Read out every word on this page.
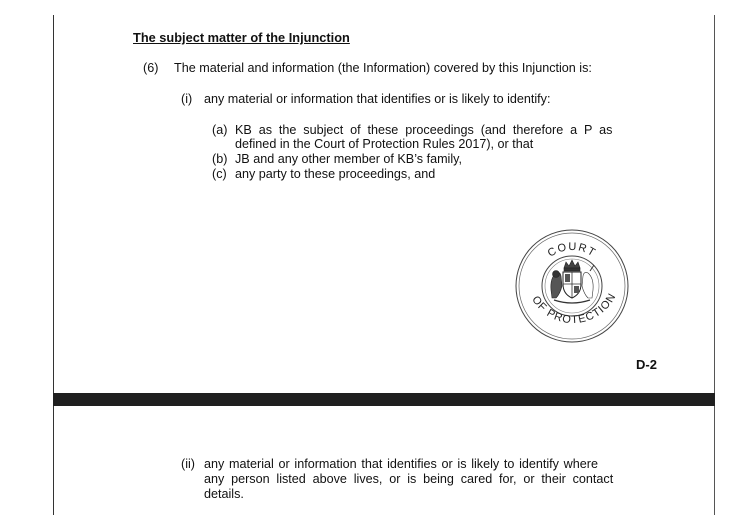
The subject matter of the Injunction
(6) The material and information (the Information) covered by this Injunction is:
(i) any material or information that identifies or is likely to identify:
(a) KB as the subject of these proceedings (and therefore a P as
defined in the Court of Protection Rules 2017), or that
(b) JB and any other member of KB’s family,
(c) any party to these proceedings, and
D-2
COURT
OF PROTECTION
(ii) any material or information that identifies or is likely to identify where
any person listed above lives, or is being cared for, or their contact
details.
